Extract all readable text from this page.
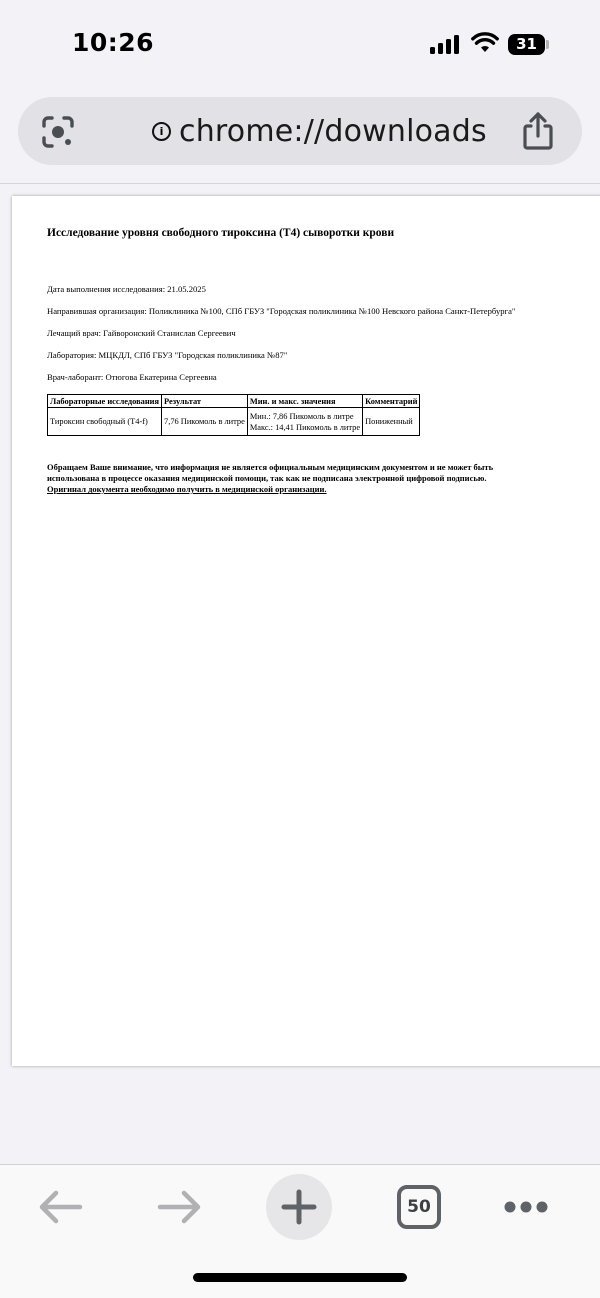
10:26	31
i chrome://downloads
Исследование уровня свободного тироксина (Т4) сыворотки крови
Дата выполнения исследования: 21.05.2025
Направившая организация: Поликлиника №100, СПб ГБУЗ "Городская поликлиника №100 Невского района Санкт-Петербурга"
Лечащий врач: Гайворонский Станислав Сергеевич
Лаборатория: МЦКДЛ, СПб ГБУЗ "Городская поликлиника №87"
Врач-лаборант: Отюгова Екатерина Сергеевна
Лабораторные исследования	Результат	Мин. и макс. значения	Комментарий
Тироксин свободный (Т4-f)	7,76 Пикомоль в литре	Мин.: 7,86 Пикомоль в литре
Макс.: 14,41 Пикомоль в литре	Пониженный
Обращаем Ваше внимание, что информация не является официальным медицинским документом и не может быть
использована в процессе оказания медицинской помощи, так как не подписана электронной цифровой подписью.
Оригинал документа необходимо получить в медицинской организации.
50
